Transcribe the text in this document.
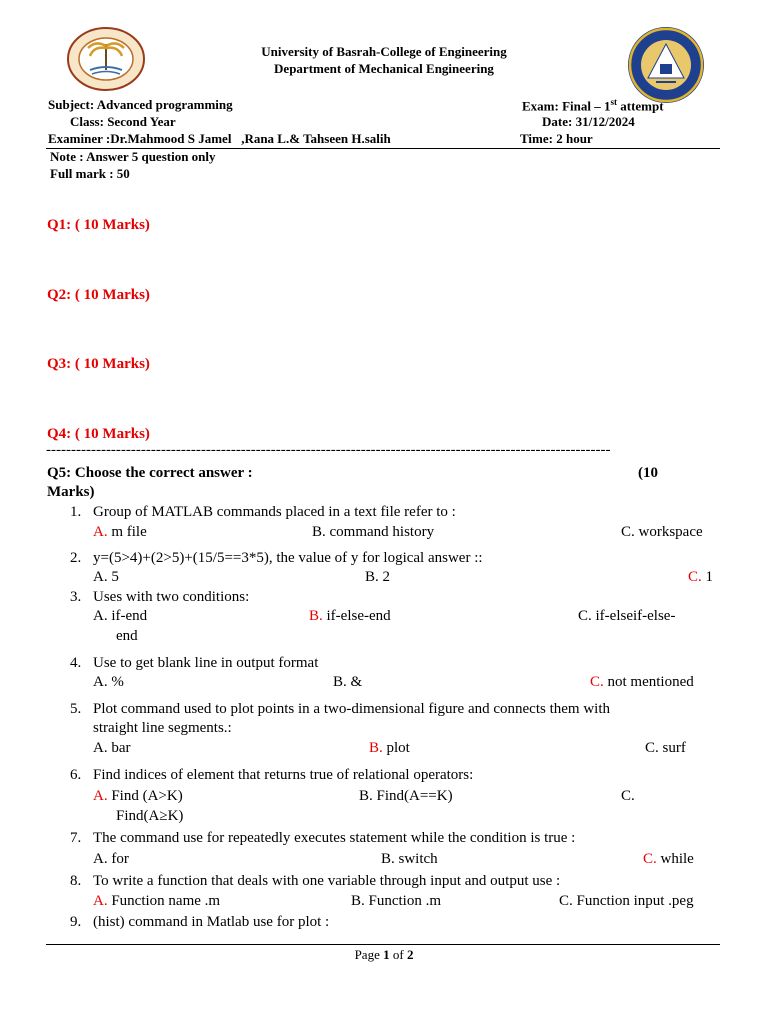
University of Basrah-College of Engineering
Department of Mechanical Engineering
Subject: Advanced programming
Class: Second Year
Examiner :Dr.Mahmood S Jamel   ,Rana L.& Tahseen H.salih
Exam: Final – 1st attempt
Date: 31/12/2024
Time: 2 hour
Note : Answer 5 question only
Full mark : 50
Q1: ( 10 Marks)
Q2: ( 10 Marks)
Q3: ( 10 Marks)
Q4: ( 10 Marks)
-----------------------------------------------------------------------------------------------------------------
Q5: Choose the correct answer :	(10
Marks)
1. Group of MATLAB commands placed in a text file refer to :
A. m file	B. command history	C. workspace
2. y=(5>4)+(2>5)+(15/5==3*5), the value of y for logical answer ::
A. 5	B. 2	C. 1
3. Uses with two conditions:
A. if-end	B. if-else-end	C. if-elseif-else-
end
4. Use to get blank line in output format
A. %	B. &	C. not mentioned
5. Plot command used to plot points in a two-dimensional figure and connects them with
straight line segments.:
A. bar	B. plot	C. surf
6. Find indices of element that returns true of relational operators:
A. Find (A>K)	B. Find(A==K)	C.
Find(A≥K)
7. The command use for repeatedly executes statement while the condition is true :
A. for	B. switch	C. while
8. To write a function that deals with one variable through input and output use :
A. Function name .m	B. Function .m	C. Function input .peg
9. (hist) command in Matlab use for plot :
Page 1 of 2
